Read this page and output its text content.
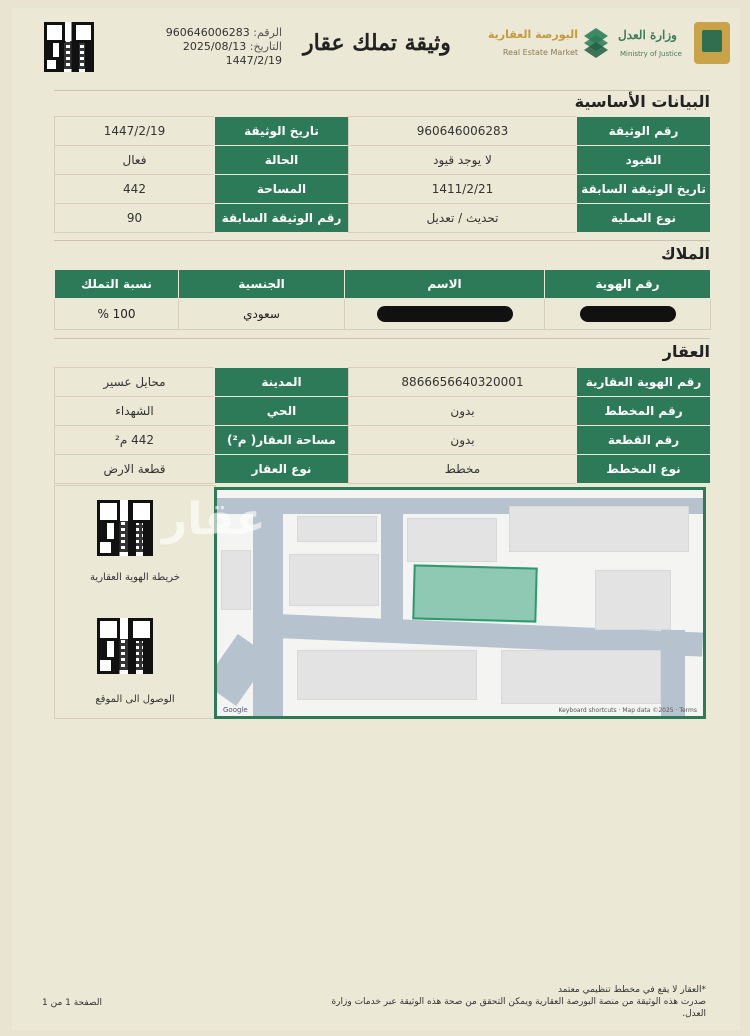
الرقم: 960646006283
التاريخ: 2025/08/13
1447/2/19
وثيقة تملك عقار	البورصة العقارية
Real Estate Market
وزارة العدل
Ministry of Justice
البيانات الأساسية
رقم الوثيقة	960646006283	تاريخ الوثيقة	1447/2/19
القيود	لا يوجد قيود	الحالة	فعال
تاريخ الوثيقة السابقة	1411/2/21	المساحة	442
نوع العملية	تحديث / تعديل	رقم الوثيقة السابقة	90
الملاك
رقم الهوية	الاسم	الجنسية	نسبة التملك
		سعودي	100 %
العقار
رقم الهوية العقارية	8866656640320001	المدينة	محايل عسير
رقم المخطط	بدون	الحي	الشهداء
رقم القطعة	بدون	مساحة العقار( م²)	442 م²
نوع المخطط	مخطط	نوع العقار	قطعة الارض
خريطة الهوية العقارية
الوصول الى الموقع
Google	Keyboard shortcuts · Map data ©2025 · Terms
عقار
*العقار لا يقع في مخطط تنظيمي معتمد
صدرت هذه الوثيقة من منصة البورصة العقارية ويمكن التحقق من صحة هذه الوثيقة عبر خدمات وزارة العدل.
الصفحة 1 من 1
